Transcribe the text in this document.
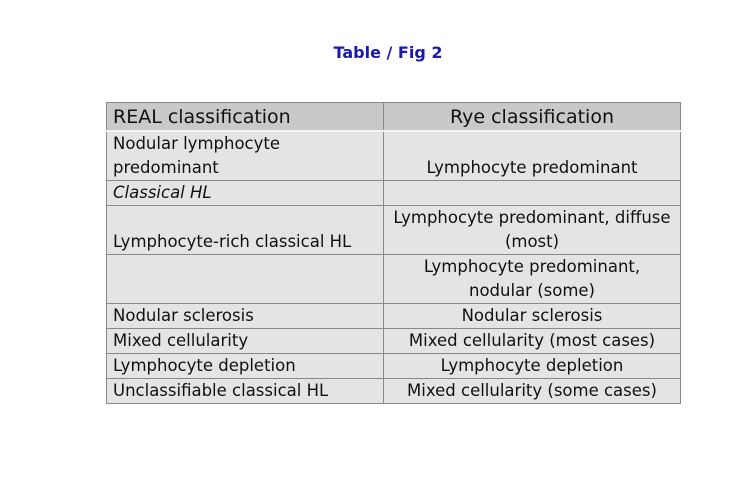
Table / Fig 2
REAL classification	Rye classification
Nodular lymphocyte predominant	Lymphocyte predominant
Classical HL	
Lymphocyte-rich classical HL	Lymphocyte predominant, diffuse (most)
	Lymphocyte predominant, nodular (some)
Nodular sclerosis	Nodular sclerosis
Mixed cellularity	Mixed cellularity (most cases)
Lymphocyte depletion	Lymphocyte depletion
Unclassifiable classical HL	Mixed cellularity (some cases)
